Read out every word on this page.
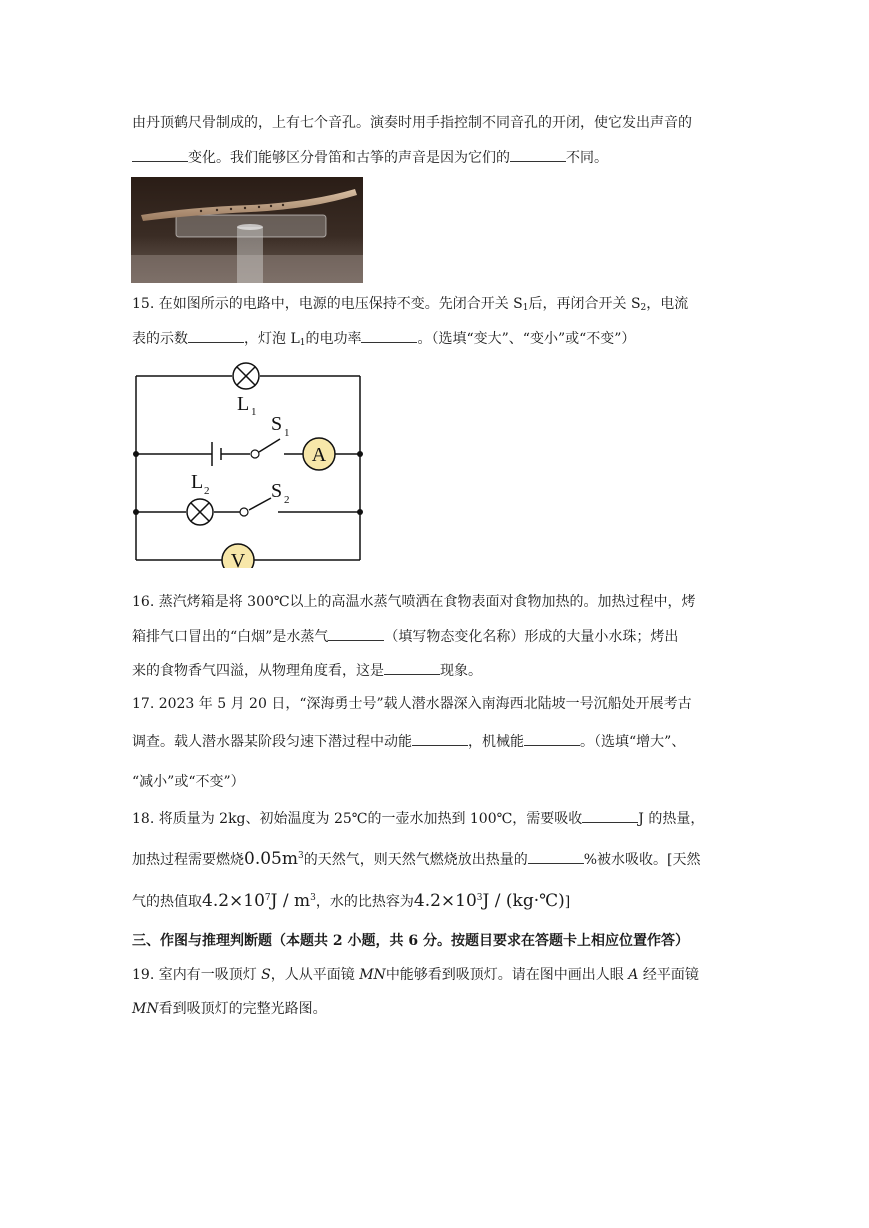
由丹顶鹤尺骨制成的，上有七个音孔。演奏时用手指控制不同音孔的开闭，使它发出声音的
变化。我们能够区分骨笛和古筝的声音是因为它们的	不同。
15. 在如图所示的电路中，电源的电压保持不变。先闭合开关 $S_1$后，再闭合开关 $S_2$，电流
表的示数	，灯泡 $L_1$的电功率	。（选填“变大”、“变小”或“不变”）
A
V
L 1
S 1
L 2	S 2
16. 蒸汽烤箱是将 300℃以上的高温水蒸气喷洒在食物表面对食物加热的。加热过程中，烤
箱排气口冒出的“白烟”是水蒸气	（填写物态变化名称）形成的大量小水珠；烤出
来的食物香气四溢，从物理角度看，这是	现象。
17. 2023 年 5 月 20 日，“深海勇士号”载人潜水器深入南海西北陆坡一号沉船处开展考古
调查。载人潜水器某阶段匀速下潜过程中动能	，机械能	。（选填“增大”、
“减小”或“不变”）
18. 将质量为 2kg、初始温度为 25℃的一壶水加热到 100℃，需要吸收	J 的热量，
加热过程需要燃烧$0.05m^3$的天然气，则天然气燃烧放出热量的	%被水吸收。[天然
气的热值取$4.2\times 10^7J / m^3$，水的比热容为$4.2\times 10^3J$ / (kg·℃)]
三、作图与推理判断题（本题共 2 小题，共 6 分。按题目要求在答题卡上相应位置作答）
19. 室内有一吸顶灯 S，人从平面镜 MN中能够看到吸顶灯。请在图中画出人眼 A 经平面镜
MN看到吸顶灯的完整光路图。
